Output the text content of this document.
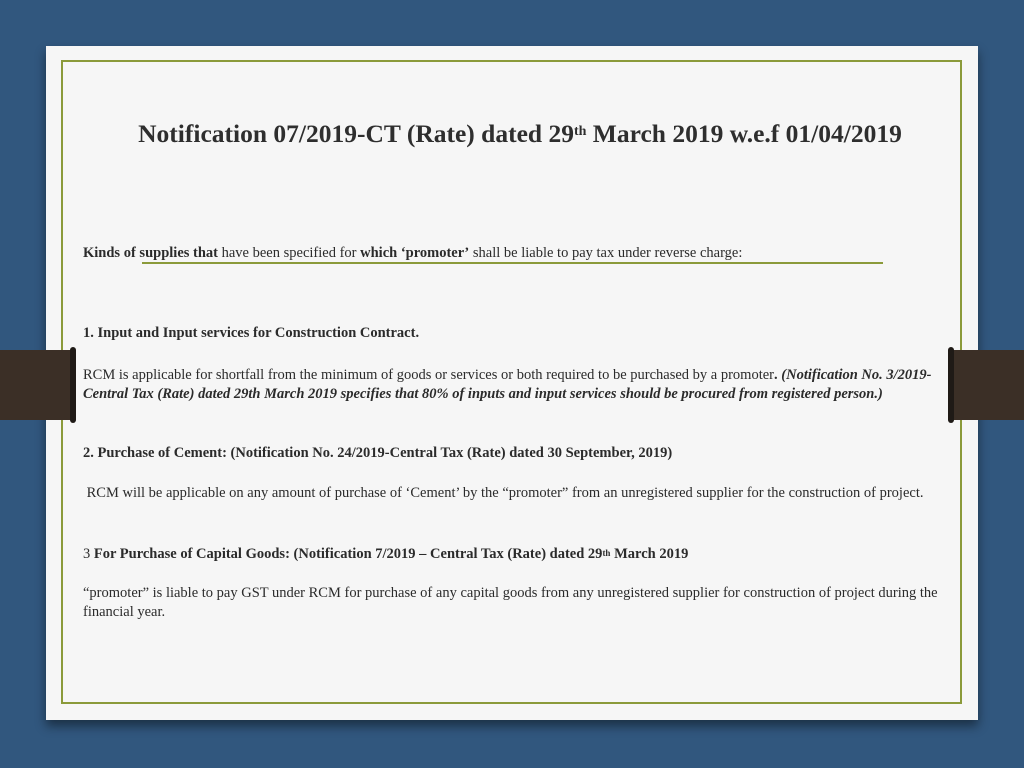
Notification 07/2019-CT (Rate) dated 29th March 2019 w.e.f 01/04/2019
Kinds of supplies that have been specified for which ‘promoter’ shall be liable to pay tax under reverse charge:
1. Input and Input services for Construction Contract.
RCM is applicable for shortfall from the minimum of goods or services or both required to be purchased by a promoter. (Notification No. 3/2019-Central Tax (Rate) dated 29th March 2019 specifies that 80% of inputs and input services should be procured from registered person.)
2. Purchase of Cement: (Notification No. 24/2019-Central Tax (Rate) dated 30 September, 2019)
RCM will be applicable on any amount of purchase of ‘Cement’ by the “promoter” from an unregistered supplier for the construction of project.
3 For Purchase of Capital Goods: (Notification 7/2019 – Central Tax (Rate) dated 29th March 2019
“promoter” is liable to pay GST under RCM for purchase of any capital goods from any unregistered supplier for construction of project during the financial year.
